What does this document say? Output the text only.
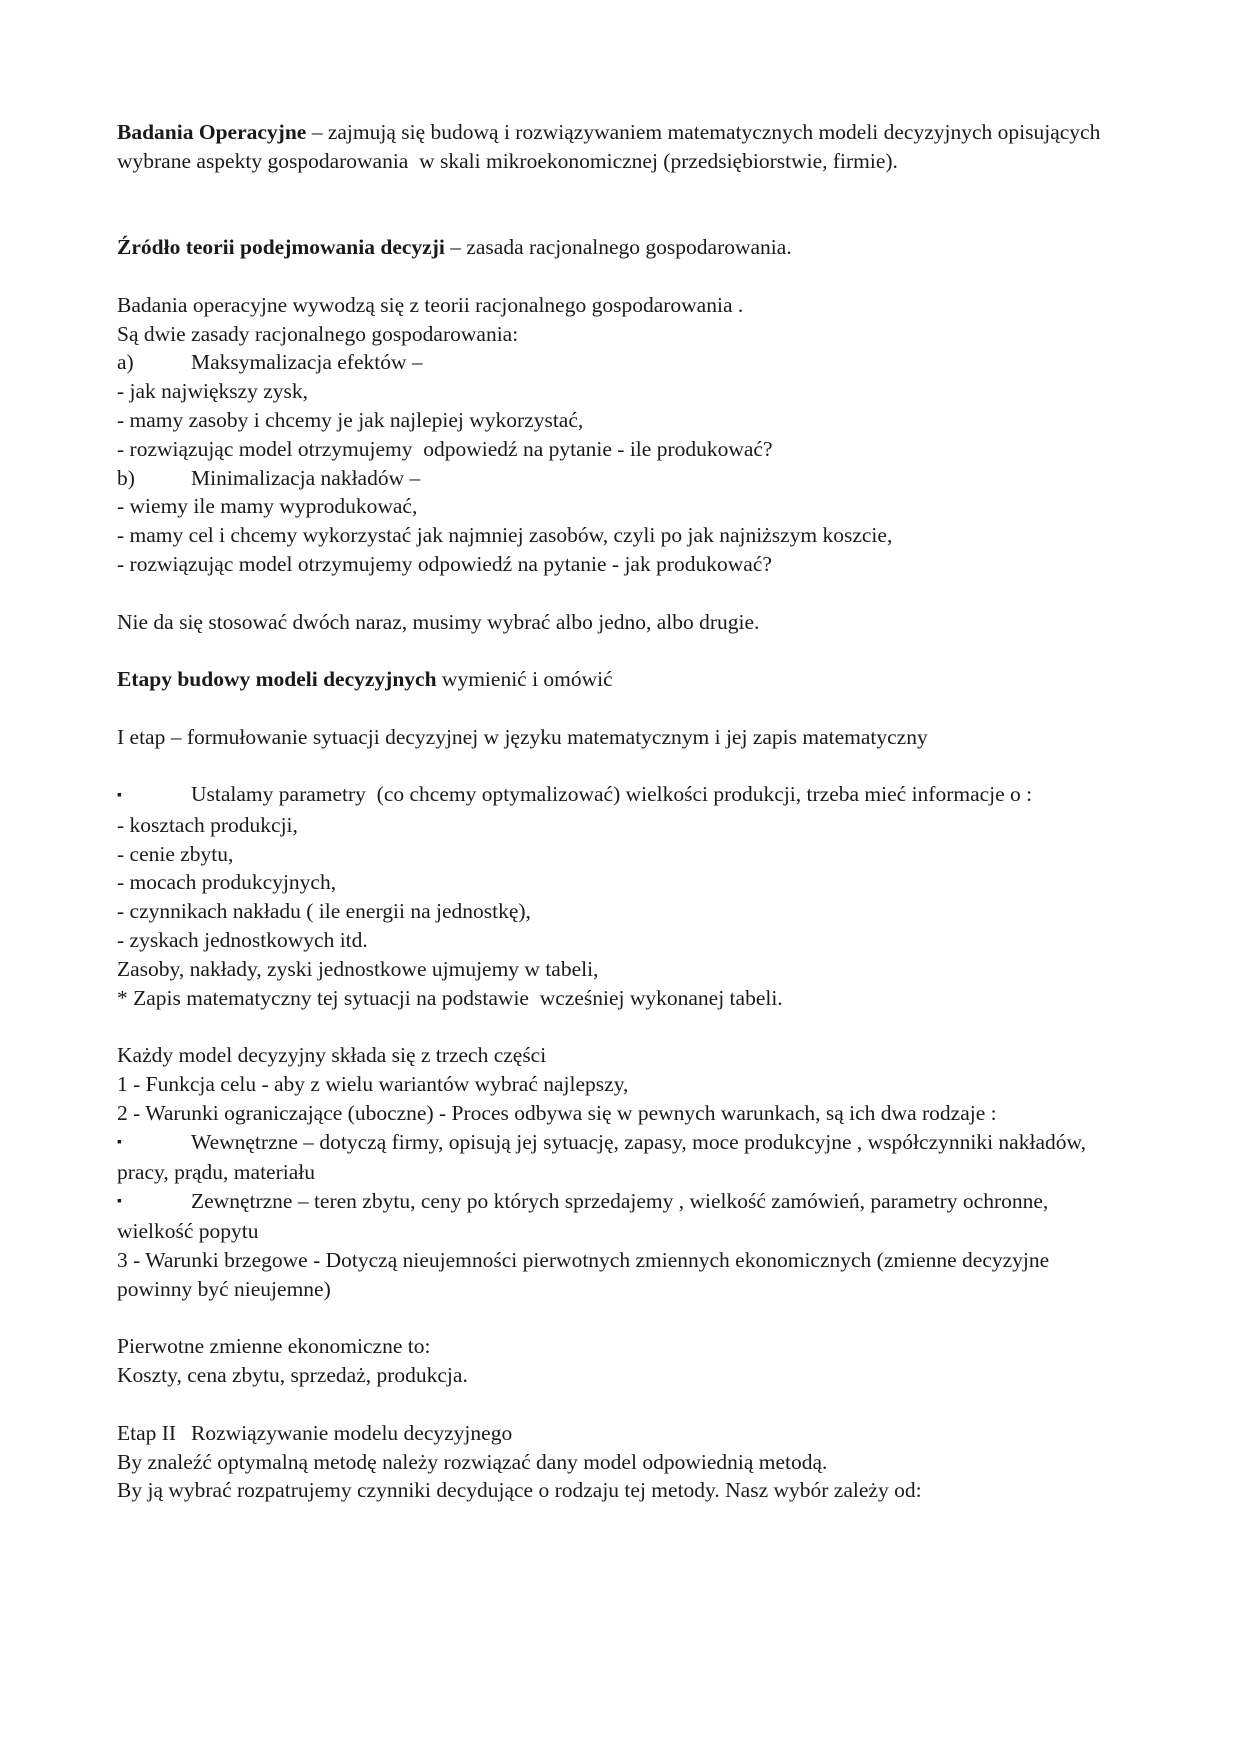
Badania Operacyjne – zajmują się budową i rozwiązywaniem matematycznych modeli decyzyjnych opisujących wybrane aspekty gospodarowania  w skali mikroekonomicznej (przedsiębiorstwie, firmie).

Źródło teorii podejmowania decyzji – zasada racjonalnego gospodarowania.

Badania operacyjne wywodzą się z teorii racjonalnego gospodarowania .

Są dwie zasady racjonalnego gospodarowania:

a)	Maksymalizacja efektów –

- jak największy zysk,

- mamy zasoby i chcemy je jak najlepiej wykorzystać,

- rozwiązując model otrzymujemy  odpowiedź na pytanie - ile produkować?

b)	Minimalizacja nakładów –

- wiemy ile mamy wyprodukować,

- mamy cel i chcemy wykorzystać jak najmniej zasobów, czyli po jak najniższym koszcie,

- rozwiązując model otrzymujemy odpowiedź na pytanie - jak produkować?

Nie da się stosować dwóch naraz, musimy wybrać albo jedno, albo drugie.

Etapy budowy modeli decyzyjnych wymienić i omówić

I etap – formułowanie sytuacji decyzyjnej w języku matematycznym i jej zapis matematyczny

▪	Ustalamy parametry  (co chcemy optymalizować) wielkości produkcji, trzeba mieć informacje o :

- kosztach produkcji,

- cenie zbytu,

- mocach produkcyjnych,

- czynnikach nakładu ( ile energii na jednostkę),

- zyskach jednostkowych itd.

Zasoby, nakłady, zyski jednostkowe ujmujemy w tabeli,

* Zapis matematyczny tej sytuacji na podstawie  wcześniej wykonanej tabeli.

Każdy model decyzyjny składa się z trzech części

1 - Funkcja celu - aby z wielu wariantów wybrać najlepszy,

2 - Warunki ograniczające (uboczne) - Proces odbywa się w pewnych warunkach, są ich dwa rodzaje :

▪	Wewnętrzne – dotyczą firmy, opisują jej sytuację, zapasy, moce produkcyjne , współczynniki nakładów, pracy, prądu, materiału

▪	Zewnętrzne – teren zbytu, ceny po których sprzedajemy , wielkość zamówień, parametry ochronne, wielkość popytu

3 - Warunki brzegowe - Dotyczą nieujemności pierwotnych zmiennych ekonomicznych (zmienne decyzyjne powinny być nieujemne)

Pierwotne zmienne ekonomiczne to:

Koszty, cena zbytu, sprzedaż, produkcja.

Etap II Rozwiązywanie modelu decyzyjnego

By znaleźć optymalną metodę należy rozwiązać dany model odpowiednią metodą.

By ją wybrać rozpatrujemy czynniki decydujące o rodzaju tej metody. Nasz wybór zależy od:
